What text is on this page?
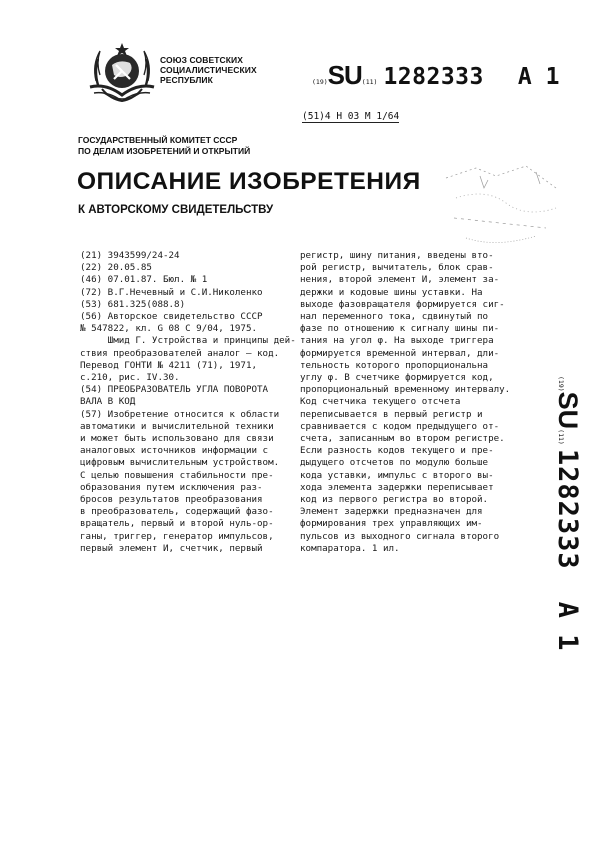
СОЮЗ СОВЕТСКИХ
СОЦИАЛИСТИЧЕСКИХ
РЕСПУБЛИК	(19) SU (11) 1282333 A 1
(51)4 H 03 M 1/64
ГОСУДАРСТВЕННЫЙ КОМИТЕТ СССР
ПО ДЕЛАМ ИЗОБРЕТЕНИЙ И ОТКРЫТИЙ
ОПИСАНИЕ ИЗОБРЕТЕНИЯ
К АВТОРСКОМУ СВИДЕТЕЛЬСТВУ
(21) 3943599/24-24
(22) 20.05.85
(46) 07.01.87. Бюл. № 1
(72) В.Г.Нечевный и С.И.Николенко
(53) 681.325(088.8)
(56) Авторское свидетельство СССР
№ 547822, кл. G 08 C 9/04, 1975.
Шмид Г. Устройства и принципы дей-
ствия преобразователей аналог – код.
Перевод ГОНТИ № 4211 (71), 1971,
с.210, рис. IV.30.
(54) ПРЕОБРАЗОВАТЕЛЬ УГЛА ПОВОРОТА
ВАЛА В КОД
(57) Изобретение относится к области
автоматики и вычислительной техники
и может быть использовано для связи
аналоговых источников информации с
цифровым вычислительным устройством.
С целью повышения стабильности пре-
образования путем исключения раз-
бросов результатов преобразования
в преобразователь, содержащий фазо-
вращатель, первый и второй нуль-ор-
ганы, триггер, генератор импульсов,
первый элемент И, счетчик, первый
регистр, шину питания, введены вто-
рой регистр, вычитатель, блок срав-
нения, второй элемент И, элемент за-
держки и кодовые шины уставки. На
выходе фазовращателя формируется сиг-
нал переменного тока, сдвинутый по
фазе по отношению к сигналу шины пи-
тания на угол φ. На выходе триггера
формируется временной интервал, дли-
тельность которого пропорциональна
углу φ. В счетчике формируется код,
пропорциональный временному интервалу.
Код счетчика текущего отсчета
переписывается в первый регистр и
сравнивается с кодом предыдущего от-
счета, записанным во втором регистре.
Если разность кодов текущего и пре-
дыдущего отсчетов по модулю больше
кода уставки, импульс с второго вы-
хода элемента задержки переписывает
код из первого регистра во второй.
Элемент задержки предназначен для
формирования трех управляющих им-
пульсов из выходного сигнала второго
компаратора. 1 ил.
(19)
SU
(11)
1282333
A 1
